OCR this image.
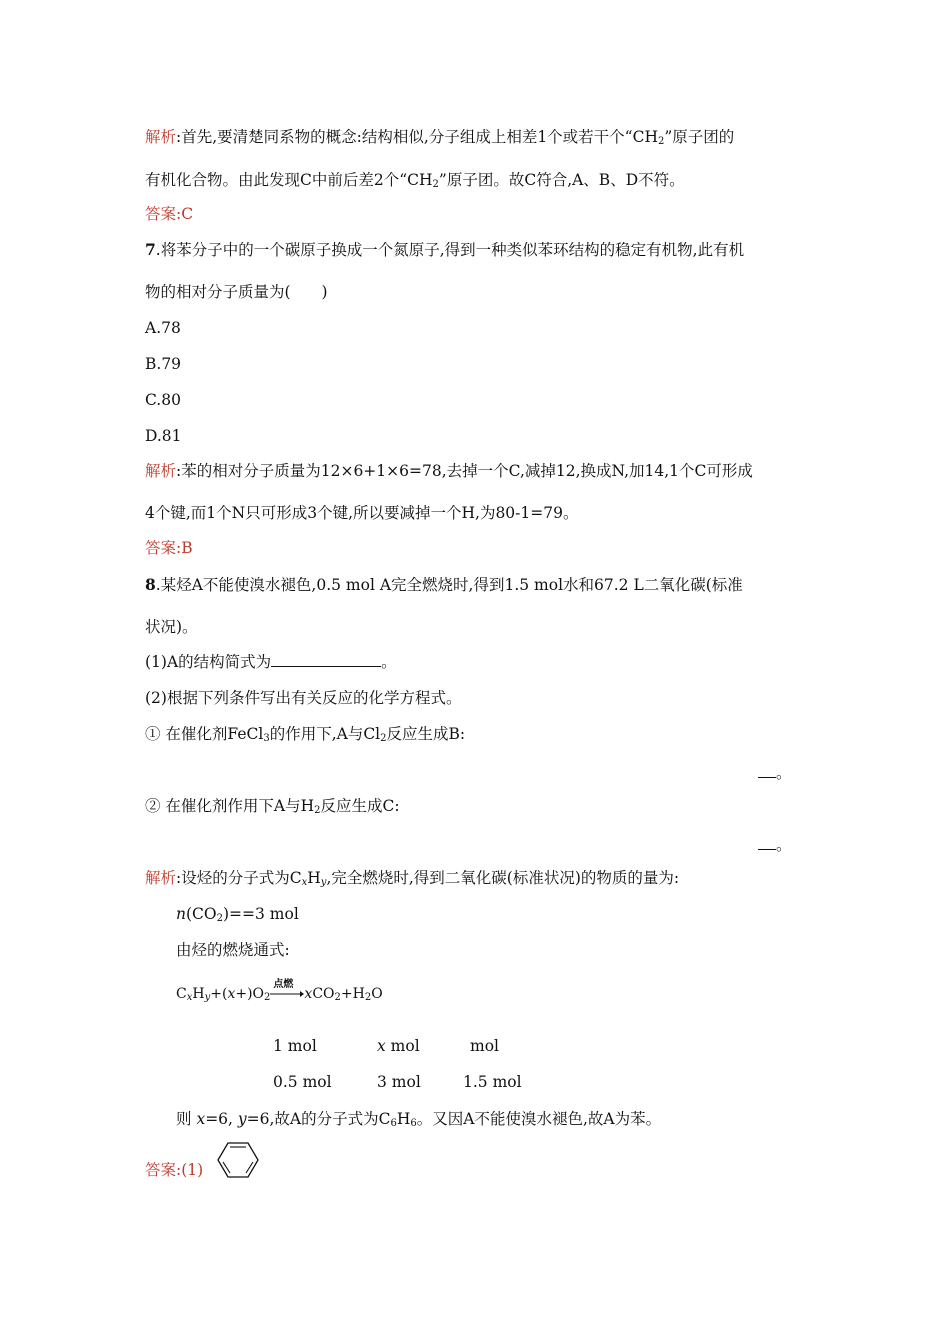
解析:首先,要清楚同系物的概念:结构相似,分子组成上相差1个或若干个“$CH_2$”原子团的
有机化合物。由此发现C中前后差2个“$CH_2$”原子团。故C符合,A、B、D不符。
答案:C
7.将苯分子中的一个碳原子换成一个氮原子,得到一种类似苯环结构的稳定有机物,此有机
物的相对分子质量为(　　)
A.78
B.79
C.80
D.81
解析:苯的相对分子质量为12×6+1×6=78,去掉一个C,减掉12,换成N,加14,1个C可形成
4个键,而1个N只可形成3个键,所以要减掉一个H,为80-1=79。
答案:B
8.某烃A不能使溴水褪色,0.5 mol A完全燃烧时,得到1.5 mol水和67.2 L二氧化碳(标准
状况)。
(1)A的结构简式为	。
(2)根据下列条件写出有关反应的化学方程式。
① 在催化剂FeCl$_3$的作用下,A与$Cl_2$反应生成B:
。
② 在催化剂作用下A与$H_2$反应生成C:
。
解析:设烃的分子式为$C_xH_y$,完全燃烧时,得到二氧化碳(标准状况)的物质的量为:
$n(CO_2)==3$ mol
由烃的燃烧通式:
$C_xH_y+(x+)O_2$
点燃
$xCO_2+H_2O$
1 mol	x mol	mol
0.5 mol	3 mol	1.5 mol
则 x=6, y=6,故A的分子式为$C_6H_6$。又因A不能使溴水褪色,故A为苯。
答案:(1)
